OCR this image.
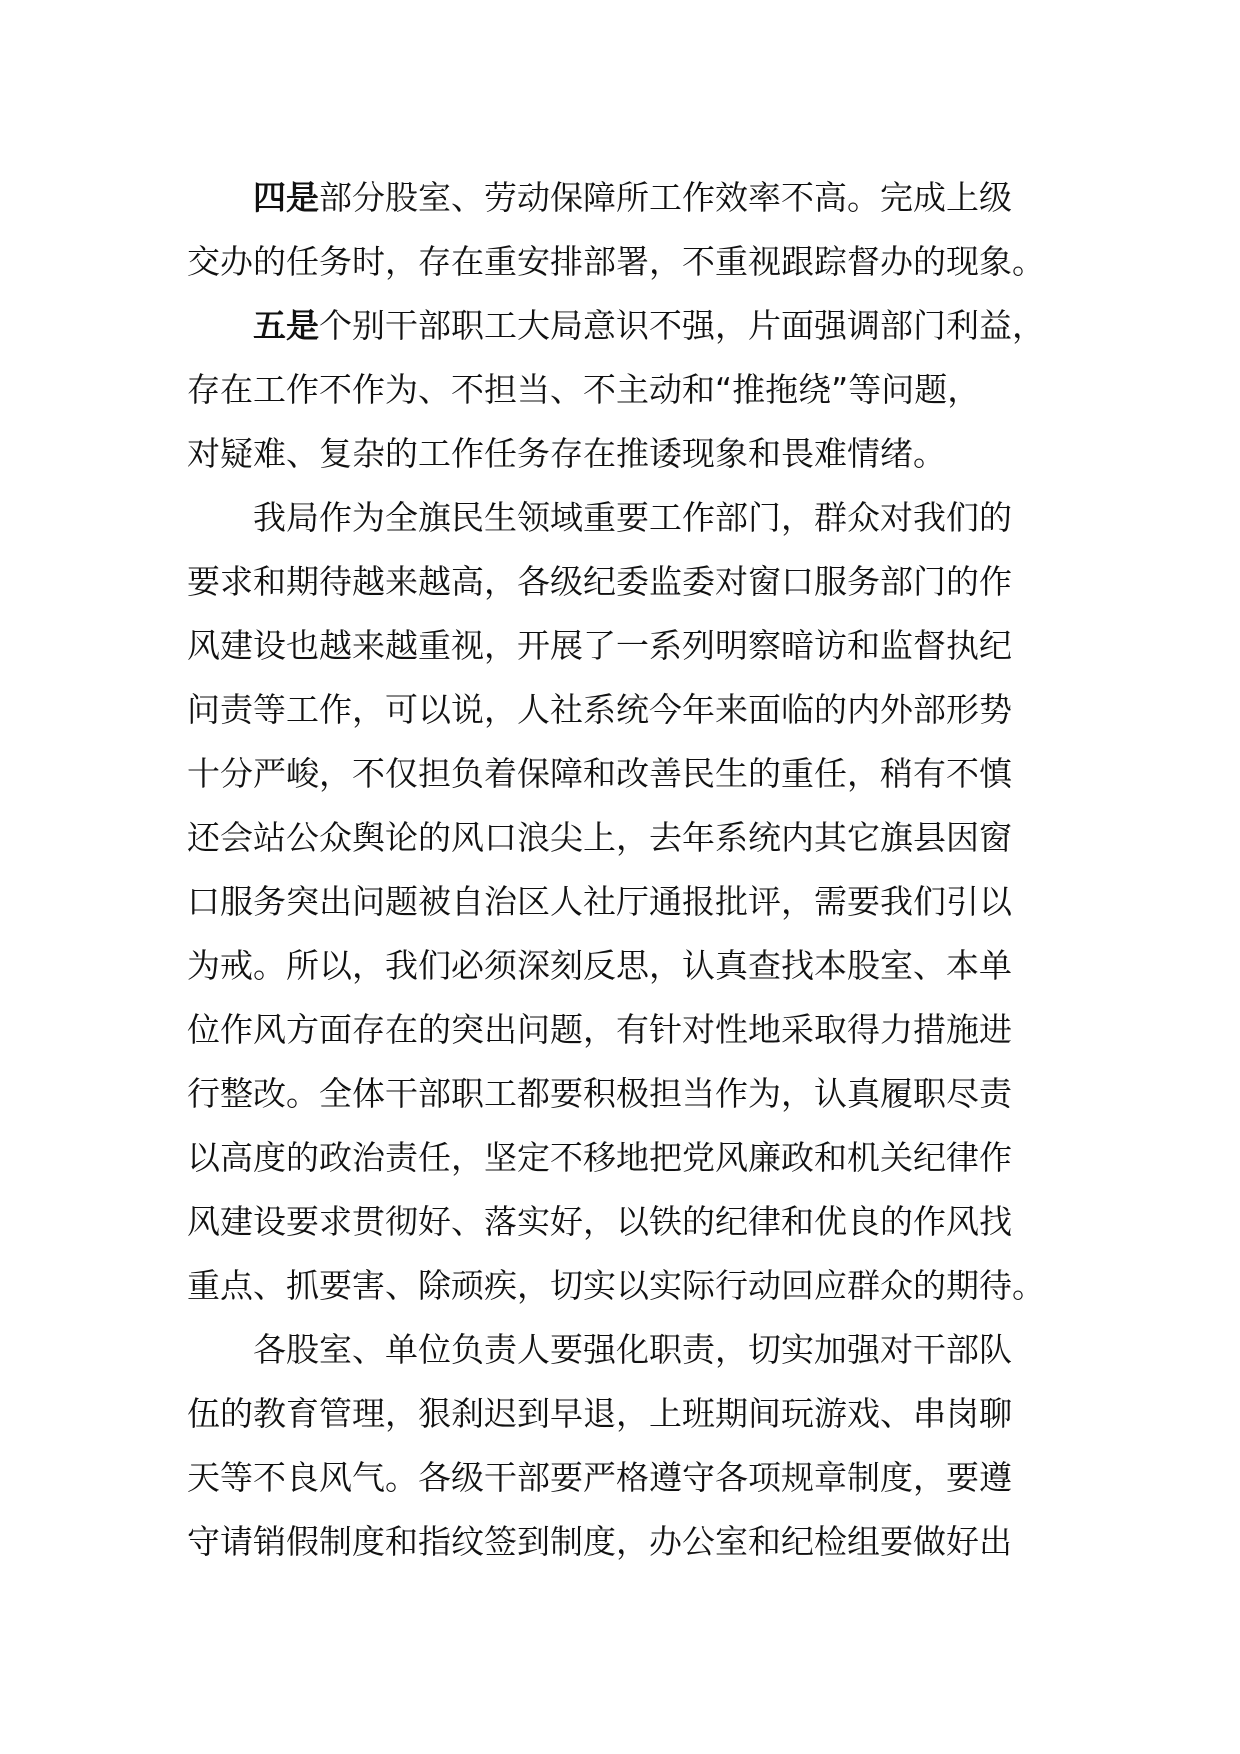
四是部分股室、劳动保障所工作效率不高。完成上级
交办的任务时，存在重安排部署，不重视跟踪督办的现象。
五是个别干部职工大局意识不强，片面强调部门利益，
存在工作不作为、不担当、不主动和“推拖绕”等问题，
对疑难、复杂的工作任务存在推诿现象和畏难情绪。
我局作为全旗民生领域重要工作部门，群众对我们的
要求和期待越来越高，各级纪委监委对窗口服务部门的作
风建设也越来越重视，开展了一系列明察暗访和监督执纪
问责等工作，可以说，人社系统今年来面临的内外部形势
十分严峻，不仅担负着保障和改善民生的重任，稍有不慎
还会站公众舆论的风口浪尖上，去年系统内其它旗县因窗
口服务突出问题被自治区人社厅通报批评，需要我们引以
为戒。所以，我们必须深刻反思，认真查找本股室、本单
位作风方面存在的突出问题，有针对性地采取得力措施进
行整改。全体干部职工都要积极担当作为，认真履职尽责
以高度的政治责任，坚定不移地把党风廉政和机关纪律作
风建设要求贯彻好、落实好，以铁的纪律和优良的作风找
重点、抓要害、除顽疾，切实以实际行动回应群众的期待。
各股室、单位负责人要强化职责，切实加强对干部队
伍的教育管理，狠刹迟到早退，上班期间玩游戏、串岗聊
天等不良风气。各级干部要严格遵守各项规章制度，要遵
守请销假制度和指纹签到制度，办公室和纪检组要做好出
